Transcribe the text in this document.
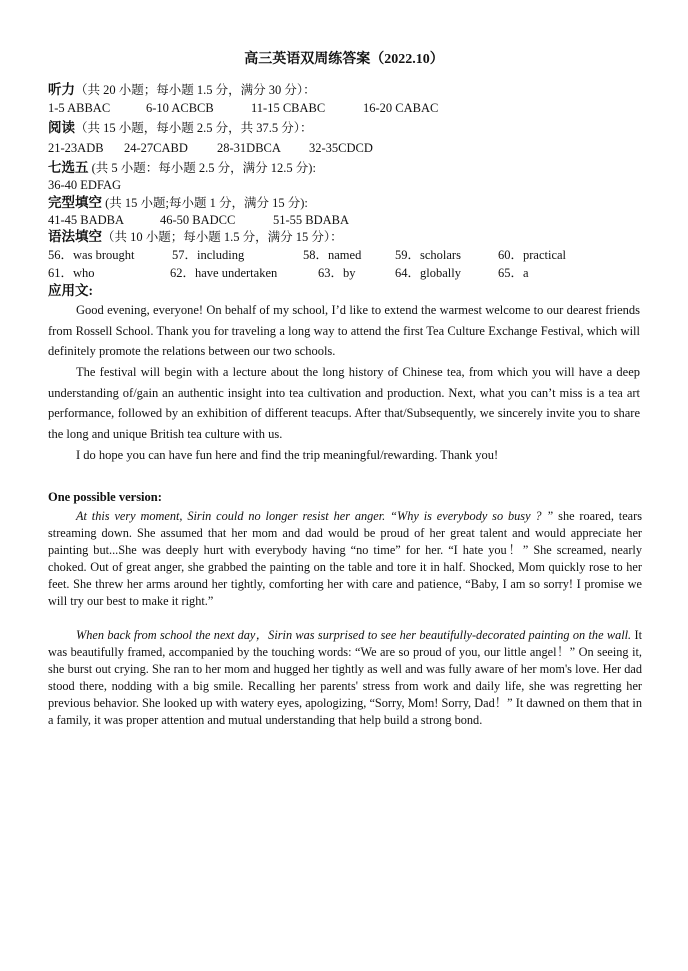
高三英语双周练答案（2022.10）
听力（共 20 小题；每小题 1.5 分，满分 30 分）：
1-5 ABBAC	6-10 ACBCB	11-15 CBABC	16-20 CABAC
阅读（共 15 小题，每小题 2.5 分，共 37.5 分）：
21-23ADB 24-27CABD 28-31DBCA 32-35CDCD
七选五 (共 5 小题：每小题 2.5 分，满分 12.5 分):
36-40 EDFAG
完型填空 (共 15 小题;每小题 1 分，满分 15 分):
41-45 BADBA	46-50 BADCC	51-55 BDABA
语法填空（共 10 小题；每小题 1.5 分，满分 15 分）：
56．was brought	57．including	58．named	59．scholars	60．practical
61．who	62．have undertaken	63．by	64．globally	65．a
应用文:
Good evening, everyone! On behalf of my school, I’d like to extend the warmest welcome to our dearest friends from Rossell School. Thank you for traveling a long way to attend the first Tea Culture Exchange Festival, which will definitely promote the relations between our two schools.
The festival will begin with a lecture about the long history of Chinese tea, from which you will have a deep understanding of/gain an authentic insight into tea cultivation and production. Next, what you can’t miss is a tea art performance, followed by an exhibition of different teacups. After that/Subsequently, we sincerely invite you to share the long and unique British tea culture with us.
I do hope you can have fun here and find the trip meaningful/rewarding. Thank you!
One possible version:
At this very moment, Sirin could no longer resist her anger. “Why is everybody so busy ? ” she roared, tears streaming down. She assumed that her mom and dad would be proud of her great talent and would appreciate her painting but...She was deeply hurt with everybody having “no time” for her. “I hate you！” She screamed, nearly choked. Out of great anger, she grabbed the painting on the table and tore it in half. Shocked, Mom quickly rose to her feet. She threw her arms around her tightly, comforting her with care and patience, “Baby, I am so sorry! I promise we will try our best to make it right.”
When back from school the next day，Sirin was surprised to see her beautifully-decorated painting on the wall. It was beautifully framed, accompanied by the touching words: “We are so proud of you, our little angel！” On seeing it, she burst out crying. She ran to her mom and hugged her tightly as well and was fully aware of her mom's love. Her dad stood there, nodding with a big smile. Recalling her parents' stress from work and daily life, she was regretting her previous behavior. She looked up with watery eyes, apologizing, “Sorry, Mom! Sorry, Dad！” It dawned on them that in a family, it was proper attention and mutual understanding that help build a strong bond.
